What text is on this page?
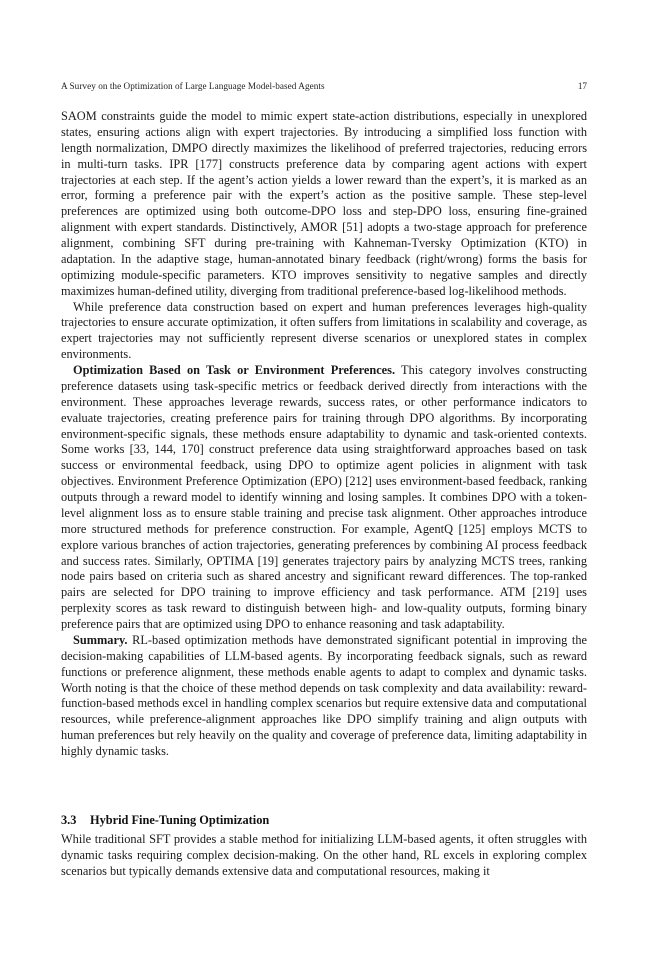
A Survey on the Optimization of Large Language Model-based Agents	17

SAOM constraints guide the model to mimic expert state-action distributions, especially in unexplored states, ensuring actions align with expert trajectories. By introducing a simplified loss function with length normalization, DMPO directly maximizes the likelihood of preferred trajectories, reducing errors in multi-turn tasks. IPR [177] constructs preference data by comparing agent actions with expert trajectories at each step. If the agent’s action yields a lower reward than the expert’s, it is marked as an error, forming a preference pair with the expert’s action as the positive sample. These step-level preferences are optimized using both outcome-DPO loss and step-DPO loss, ensuring fine-grained alignment with expert standards. Distinctively, AMOR [51] adopts a two-stage approach for preference alignment, combining SFT during pre-training with Kahneman-Tversky Optimization (KTO) in adaptation. In the adaptive stage, human-annotated binary feedback (right/wrong) forms the basis for optimizing module-specific parameters. KTO improves sensitivity to negative samples and directly maximizes human-defined utility, diverging from traditional preference-based log-likelihood methods.

While preference data construction based on expert and human preferences leverages high-quality trajectories to ensure accurate optimization, it often suffers from limitations in scalability and coverage, as expert trajectories may not sufficiently represent diverse scenarios or unexplored states in complex environments.

Optimization Based on Task or Environment Preferences. This category involves constructing preference datasets using task-specific metrics or feedback derived directly from interactions with the environment. These approaches leverage rewards, success rates, or other performance indicators to evaluate trajectories, creating preference pairs for training through DPO algorithms. By incorporating environment-specific signals, these methods ensure adaptability to dynamic and task-oriented contexts. Some works [33, 144, 170] construct preference data using straightforward approaches based on task success or environmental feedback, using DPO to optimize agent policies in alignment with task objectives. Environment Preference Optimization (EPO) [212] uses environment-based feedback, ranking outputs through a reward model to identify winning and losing samples. It combines DPO with a token-level alignment loss as to ensure stable training and precise task alignment. Other approaches introduce more structured methods for preference construction. For example, AgentQ [125] employs MCTS to explore various branches of action trajectories, generating preferences by combining AI process feedback and success rates. Similarly, OPTIMA [19] generates trajectory pairs by analyzing MCTS trees, ranking node pairs based on criteria such as shared ancestry and significant reward differences. The top-ranked pairs are selected for DPO training to improve efficiency and task performance. ATM [219] uses perplexity scores as task reward to distinguish between high- and low-quality outputs, forming binary preference pairs that are optimized using DPO to enhance reasoning and task adaptability.

Summary. RL-based optimization methods have demonstrated significant potential in improving the decision-making capabilities of LLM-based agents. By incorporating feedback signals, such as reward functions or preference alignment, these methods enable agents to adapt to complex and dynamic tasks. Worth noting is that the choice of these method depends on task complexity and data availability: reward-function-based methods excel in handling complex scenarios but require extensive data and computational resources, while preference-alignment approaches like DPO simplify training and align outputs with human preferences but rely heavily on the quality and coverage of preference data, limiting adaptability in highly dynamic tasks.

3.3 Hybrid Fine-Tuning Optimization

While traditional SFT provides a stable method for initializing LLM-based agents, it often struggles with dynamic tasks requiring complex decision-making. On the other hand, RL excels in exploring complex scenarios but typically demands extensive data and computational resources, making it
